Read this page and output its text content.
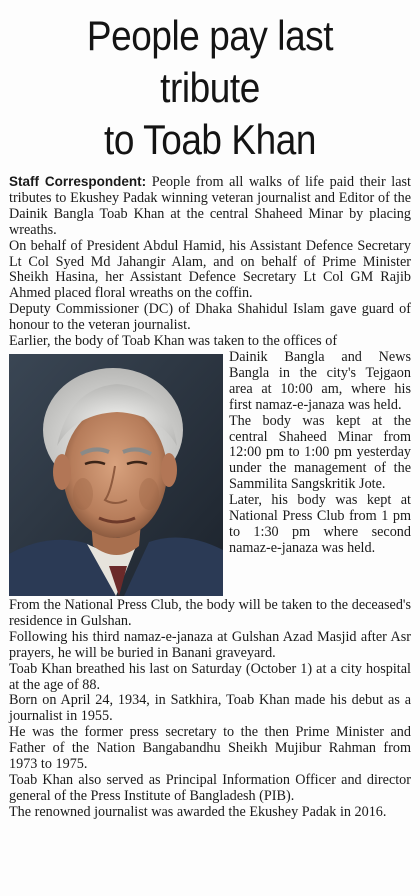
People pay last tribute
to Toab Khan

Staff Correspondent: People from all walks of life paid their last tributes to Ekushey Padak winning veteran journalist and Editor of the Dainik Bangla Toab Khan at the central Shaheed Minar by placing wreaths.

On behalf of President Abdul Hamid, his Assistant Defence Secretary Lt Col Syed Md Jahangir Alam, and on behalf of Prime Minister Sheikh Hasina, her Assistant Defence Secretary Lt Col GM Rajib Ahmed placed floral wreaths on the coffin.

Deputy Commissioner (DC) of Dhaka Shahidul Islam gave guard of honour to the veteran journalist.

Earlier, the body of Toab Khan was taken to the offices of

Dainik Bangla and News Bangla in the city's Tejgaon area at 10:00 am, where his first namaz-e-janaza was held.

The body was kept at the central Shaheed Minar from 12:00 pm to 1:00 pm yesterday under the management of the Sammilita Sangskritik Jote.

Later, his body was kept at National Press Club from 1 pm to 1:30 pm where second namaz-e-janaza was held.

From the National Press Club, the body will be taken to the deceased's residence in Gulshan.

Following his third namaz-e-janaza at Gulshan Azad Masjid after Asr prayers, he will be buried in Banani graveyard.

Toab Khan breathed his last on Saturday (October 1) at a city hospital at the age of 88.

Born on April 24, 1934, in Satkhira, Toab Khan made his debut as a journalist in 1955.

He was the former press secretary to the then Prime Minister and Father of the Nation Bangabandhu Sheikh Mujibur Rahman from 1973 to 1975.

Toab Khan also served as Principal Information Officer and director general of the Press Institute of Bangladesh (PIB).

The renowned journalist was awarded the Ekushey Padak in 2016.
